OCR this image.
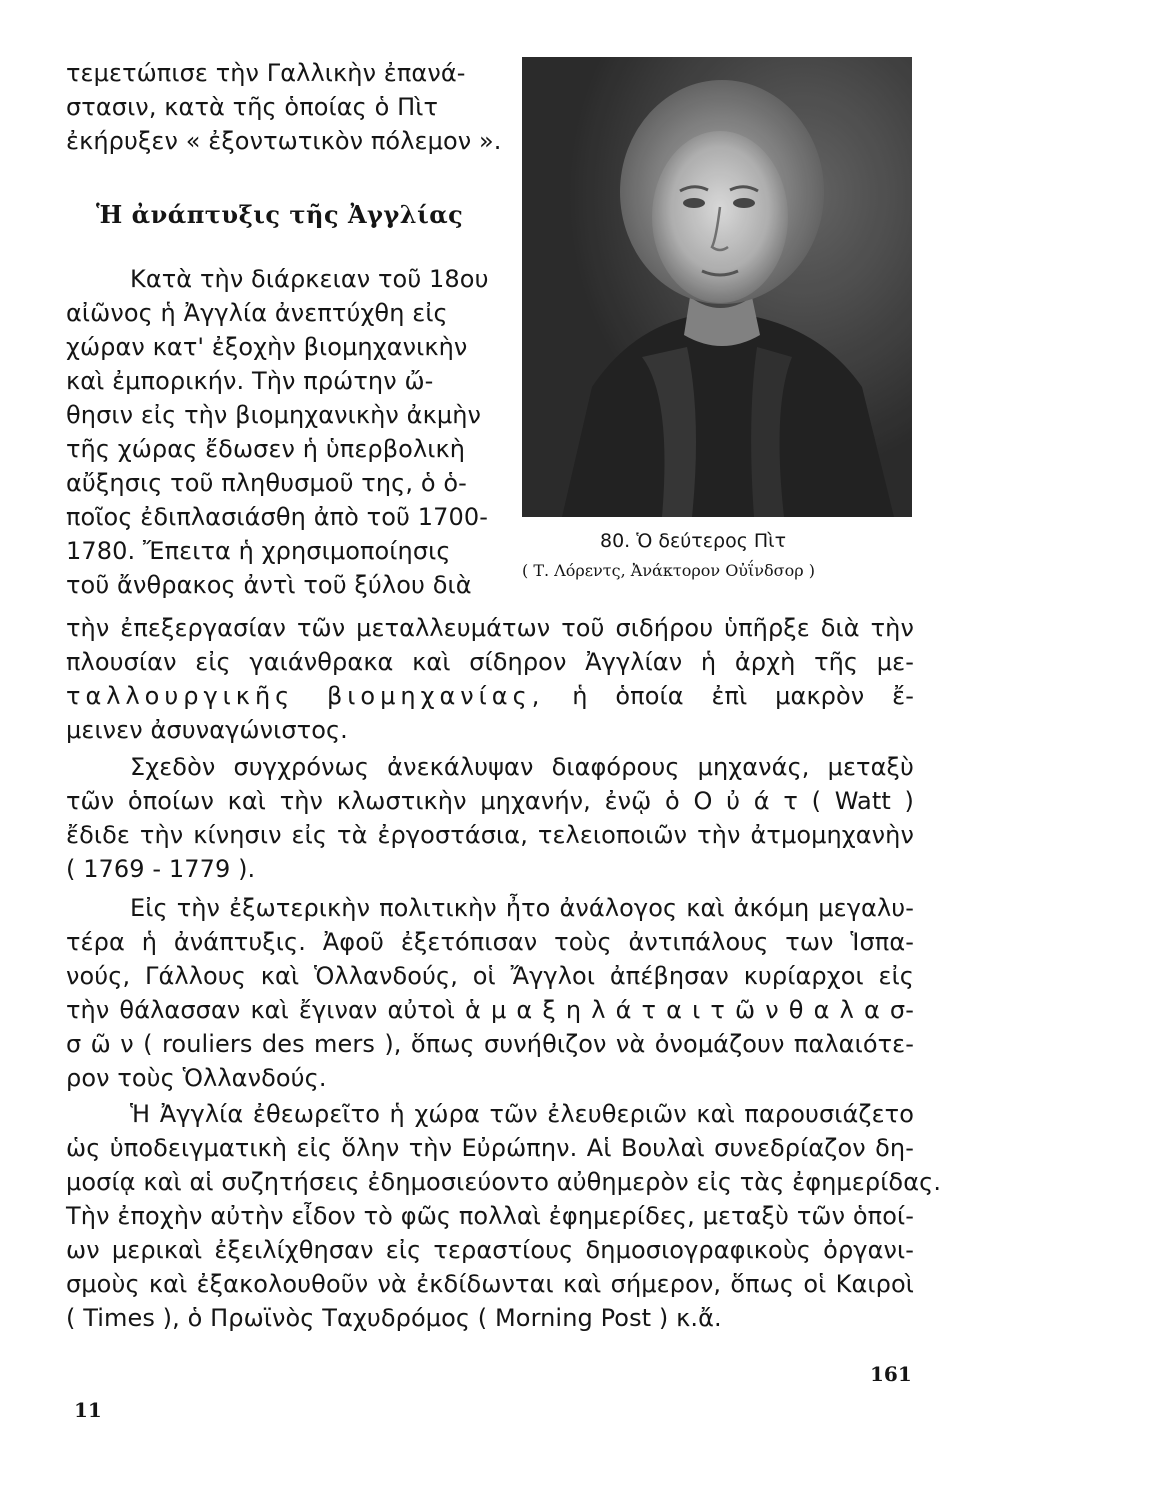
τεμετώπισε τὴν Γαλλικὴν ἐπανά-

στασιν, κατὰ τῆς ὁποίας ὁ Πὶτ

ἐκήρυξεν « ἐξοντωτικὸν πόλεμον ».

Ἡ ἀνάπτυξις τῆς Ἀγγλίας

Κατὰ τὴν διάρκειαν τοῦ 18ου

αἰῶνος ἡ Ἀγγλία ἀνεπτύχθη εἰς

χώραν κατ' ἐξοχὴν βιομηχανικὴν

καὶ ἐμπορικήν. Τὴν πρώτην ὤ-

θησιν εἰς τὴν βιομηχανικὴν ἀκμὴν

τῆς χώρας ἔδωσεν ἡ ὑπερβολικὴ

αὔξησις τοῦ πληθυσμοῦ της, ὁ ὁ-

ποῖος ἐδιπλασιάσθη ἀπὸ τοῦ 1700-

1780. Ἔπειτα ἡ χρησιμοποίησις

τοῦ ἄνθρακος ἀντὶ τοῦ ξύλου διὰ

80. Ὁ δεύτερος Πὶτ

( Τ. Λόρεντς, Ἀνάκτορον Οὐΐνδσορ )

τὴν ἐπεξεργασίαν τῶν μεταλλευμάτων τοῦ σιδήρου ὑπῆρξε διὰ τὴν

πλουσίαν εἰς γαιάνθρακα καὶ σίδηρον Ἀγγλίαν ἡ ἀρχὴ τῆς με-

ταλλουργικῆς βιομηχανίας, ἡ ὁποία ἐπὶ μακρὸν ἔ-

μεινεν ἀσυναγώνιστος.

Σχεδὸν συγχρόνως ἀνεκάλυψαν διαφόρους μηχανάς, μεταξὺ

τῶν ὁποίων καὶ τὴν κλωστικὴν μηχανήν, ἐνῷ ὁ Ο ὐ ά τ ( Watt )

ἔδιδε τὴν κίνησιν εἰς τὰ ἐργοστάσια, τελειοποιῶν τὴν ἀτμομηχανὴν

( 1769 - 1779 ).

Εἰς τὴν ἐξωτερικὴν πολιτικὴν ἦτο ἀνάλογος καὶ ἀκόμη μεγαλυ-

τέρα ἡ ἀνάπτυξις. Ἀφοῦ ἐξετόπισαν τοὺς ἀντιπάλους των Ἱσπα-

νούς, Γάλλους καὶ Ὁλλανδούς, οἱ Ἄγγλοι ἀπέβησαν κυρίαρχοι εἰς

τὴν θάλασσαν καὶ ἔγιναν αὐτοὶ ἁ μ α ξ η λ ά τ α ι τ ῶ ν θ α λ α σ-

σ ῶ ν ( rouliers des mers ), ὅπως συνήθιζον νὰ ὀνομάζουν παλαιότε-

ρον τοὺς Ὁλλανδούς.

Ἡ Ἀγγλία ἐθεωρεῖτο ἡ χώρα τῶν ἐλευθεριῶν καὶ παρουσιάζετο

ὡς ὑποδειγματικὴ εἰς ὅλην τὴν Εὐρώπην. Αἱ Βουλαὶ συνεδρίαζον δη-

μοσίᾳ καὶ αἱ συζητήσεις ἐδημοσιεύοντο αὐθημερὸν εἰς τὰς ἐφημερίδας.

Τὴν ἐποχὴν αὐτὴν εἶδον τὸ φῶς πολλαὶ ἐφημερίδες, μεταξὺ τῶν ὁποί-

ων μερικαὶ ἐξειλίχθησαν εἰς τεραστίους δημοσιογραφικοὺς ὀργανι-

σμοὺς καὶ ἐξακολουθοῦν νὰ ἐκδίδωνται καὶ σήμερον, ὅπως οἱ Καιροὶ

( Times ), ὁ Πρωϊνὸς Ταχυδρόμος ( Morning Post ) κ.ἄ.

161

11
